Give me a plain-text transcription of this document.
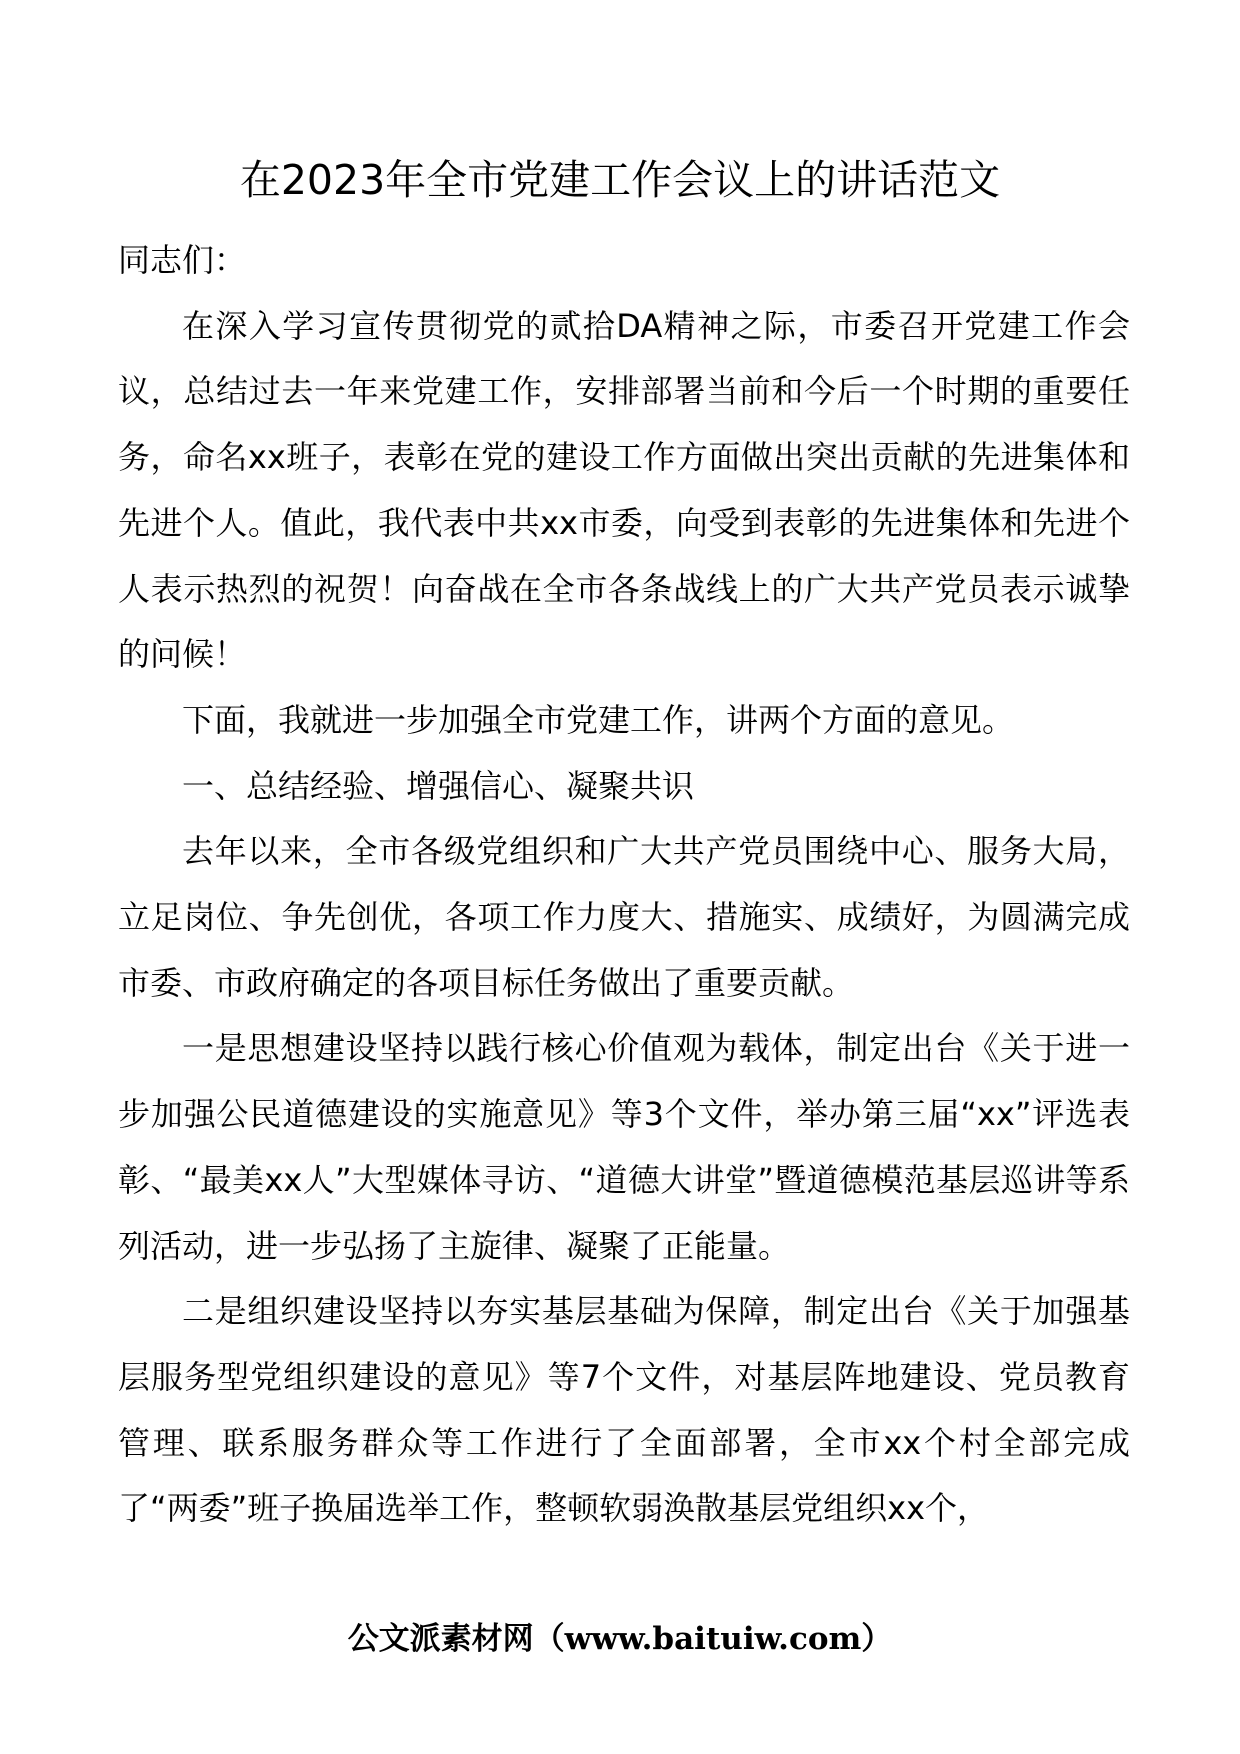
在2023年全市党建工作会议上的讲话范文

同志们：

在深入学习宣传贯彻党的贰拾DA精神之际，市委召开党建工作会议，总结过去一年来党建工作，安排部署当前和今后一个时期的重要任务，命名xx班子，表彰在党的建设工作方面做出突出贡献的先进集体和先进个人。值此，我代表中共xx市委，向受到表彰的先进集体和先进个人表示热烈的祝贺！向奋战在全市各条战线上的广大共产党员表示诚挚的问候！

下面，我就进一步加强全市党建工作，讲两个方面的意见。

一、总结经验、增强信心、凝聚共识

去年以来，全市各级党组织和广大共产党员围绕中心、服务大局，立足岗位、争先创优，各项工作力度大、措施实、成绩好，为圆满完成市委、市政府确定的各项目标任务做出了重要贡献。

一是思想建设坚持以践行核心价值观为载体，制定出台《关于进一步加强公民道德建设的实施意见》等3个文件，举办第三届“xx”评选表彰、“最美xx人”大型媒体寻访、“道德大讲堂”暨道德模范基层巡讲等系列活动，进一步弘扬了主旋律、凝聚了正能量。

二是组织建设坚持以夯实基层基础为保障，制定出台《关于加强基层服务型党组织建设的意见》等7个文件，对基层阵地建设、党员教育管理、联系服务群众等工作进行了全面部署，全市xx个村全部完成了“两委”班子换届选举工作，整顿软弱涣散基层党组织xx个，

公文派素材网（www.baituiw.com）
